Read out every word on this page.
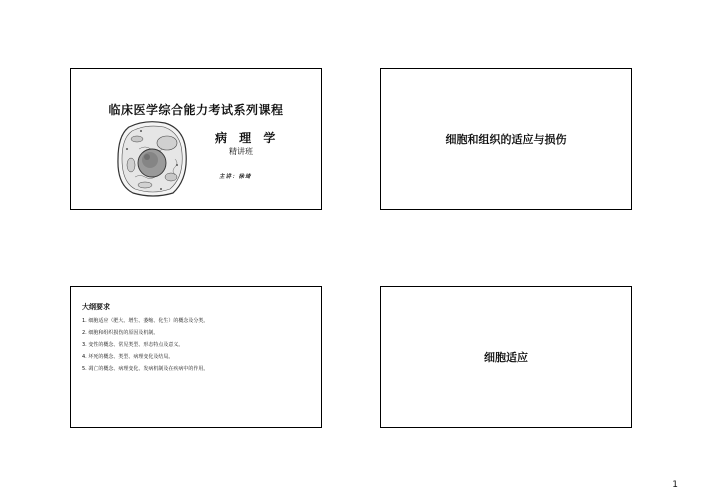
临床医学综合能力考试系列课程
病 理 学
精讲班
主讲：徐琦
细胞和组织的适应与损伤
大纲要求
1. 细胞适应（肥大、增生、萎缩、化生）的概念及分类。
2. 细胞和组织损伤的原因及机制。
3. 变性的概念、常见类型、形态特点及意义。
4. 坏死的概念、类型、病理变化及结局。
5. 凋亡的概念、病理变化、发病机制及在疾病中的作用。
细胞适应
1
